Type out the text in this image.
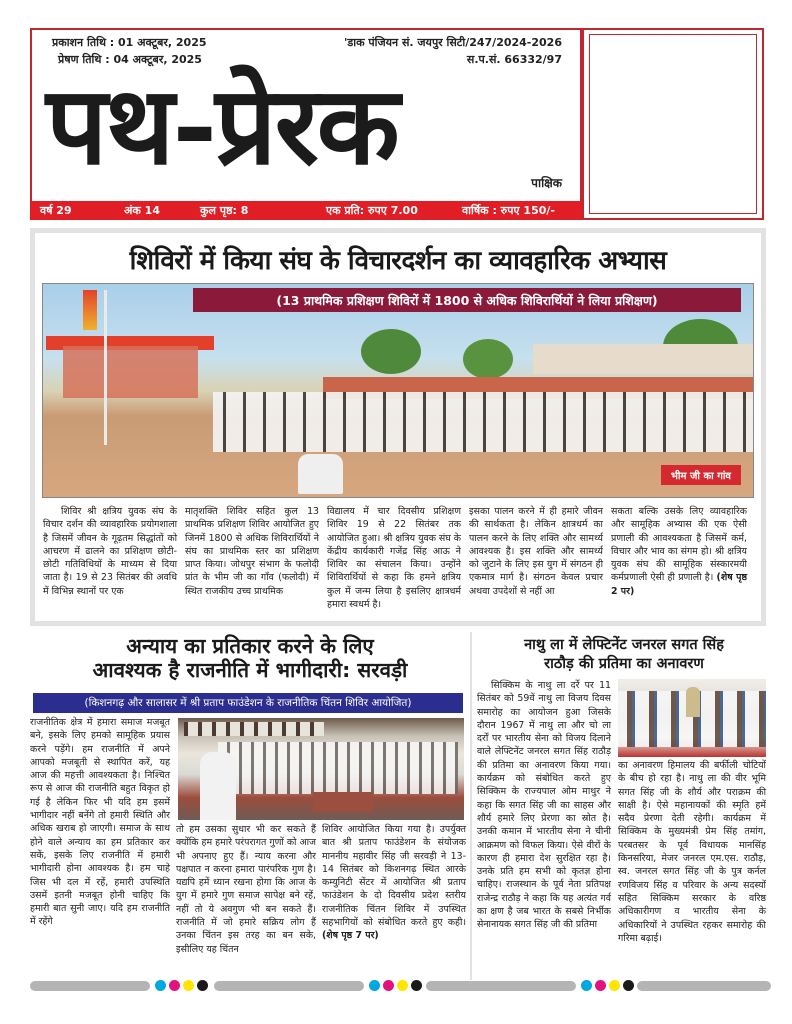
प्रकाशन तिथि : 01 अक्टूबर, 2025
प्रेषण तिथि : 04 अक्टूबर, 2025
'डाक पंजियन सं. जयपुर सिटी/247/2024-2026
स.प.सं. 66332/97
पथ-प्रेरक	पाक्षिक
वर्ष 29	अंक 14	कुल पृष्ठ: 8	एक प्रति: रुपए 7.00	वार्षिक : रुपए 150/-
शिविरों में किया संघ के विचारदर्शन का व्यावहारिक अभ्यास
(13 प्राथमिक प्रशिक्षण शिविरों में 1800 से अधिक शिविरार्थियों ने लिया प्रशिक्षण)
भीम जी का गांव
शिविर श्री क्षत्रिय युवक संघ के विचार दर्शन की व्यावहारिक प्रयोगशाला है जिसमें जीवन के गूढ़तम सिद्धांतों को आचरण में ढालने का प्रशिक्षण छोटी-छोटी गतिविधियों के माध्यम से दिया जाता है। 19 से 23 सितंबर की अवधि में विभिन्न स्थानों पर एक
मातृशक्ति शिविर सहित कुल 13 प्राथमिक प्रशिक्षण शिविर आयोजित हुए जिनमें 1800 से अधिक शिविरार्थियों ने संघ का प्राथमिक स्तर का प्रशिक्षण प्राप्त किया। जोधपुर संभाग के फलोदी प्रांत के भीम जी का गाँव (फलोदी) में स्थित राजकीय उच्च प्राथमिक
विद्यालय में चार दिवसीय प्रशिक्षण शिविर 19 से 22 सितंबर तक आयोजित हुआ। श्री क्षत्रिय युवक संघ के केंद्रीय कार्यकारी गजेंद्र सिंह आऊ ने शिविर का संचालन किया। उन्होंने शिविरार्थियों से कहा कि हमने क्षत्रिय कुल में जन्म लिया है इसलिए क्षात्रधर्म हमारा स्वधर्म है।
इसका पालन करने में ही हमारे जीवन की सार्थकता है। लेकिन क्षात्रधर्म का पालन करने के लिए शक्ति और सामर्थ्य आवश्यक है। इस शक्ति और सामर्थ्य को जुटाने के लिए इस युग में संगठन ही एकमात्र मार्ग है। संगठन केवल प्रचार अथवा उपदेशों से नहीं आ
सकता बल्कि उसके लिए व्यावहारिक और सामूहिक अभ्यास की एक ऐसी प्रणाली की आवश्यकता है जिसमें कर्म, विचार और भाव का संगम हो। श्री क्षत्रिय युवक संघ की सामूहिक संस्कारमयी कर्मप्रणाली ऐसी ही प्रणाली है। (शेष पृष्ठ 2 पर)
अन्याय का प्रतिकार करने के लिए
आवश्यक है राजनीति में भागीदारी: सरवड़ी
(किशनगढ़ और सालासर में श्री प्रताप फाउंडेशन के राजनीतिक चिंतन शिविर आयोजित)
राजनीतिक क्षेत्र में हमारा समाज मजबूत बने, इसके लिए हमको सामूहिक प्रयास करने पड़ेंगे। हम राजनीति में अपने आपको मजबूती से स्थापित करें, यह आज की महत्ती आवश्यकता है। निश्चित रूप से आज की राजनीति बहुत विकृत हो गई है लेकिन फिर भी यदि हम इसमें भागीदार नहीं बनेंगे तो हमारी स्थिति और अधिक खराब हो जाएगी। समाज के साथ होने वाले अन्याय का हम प्रतिकार कर सकें, इसके लिए राजनीति में हमारी भागीदारी होना आवश्यक है। हम चाहे जिस भी दल में रहें, हमारी उपस्थिति उसमें इतनी मजबूत होनी चाहिए कि हमारी बात सुनी जाए। यदि हम राजनीति में रहेंगे
तो हम उसका सुधार भी कर सकते हैं क्योंकि हम हमारे परंपरागत गुणों को आज भी अपनाए हुए हैं। न्याय करना और पक्षपात न करना हमारा पारंपरिक गुण है। यद्यपि हमें ध्यान रखना होगा कि आज के युग में हमारे गुण समाज सापेक्ष बने रहें, नहीं तो ये अवगुण भी बन सकते हैं। राजनीति में जो हमारे सक्रिय लोग हैं उनका चिंतन इस तरह का बन सके, इसीलिए यह चिंतन
शिविर आयोजित किया गया है। उपर्युक्त बात श्री प्रताप फाउंडेशन के संयोजक माननीय महावीर सिंह जी सरवड़ी ने 13-14 सितंबर को किशनगढ़ स्थित आरके कम्युनिटी सेंटर में आयोजित श्री प्रताप फाउंडेशन के दो दिवसीय प्रदेश स्तरीय राजनीतिक चिंतन शिविर में उपस्थित सहभागियों को संबोधित करते हुए कही। (शेष पृष्ठ 7 पर)
नाथु ला में लेफ्टिनेंट जनरल सगत सिंह
राठौड़ की प्रतिमा का अनावरण
सिक्किम के नाथु ला दर्रे पर 11 सितंबर को 59वें नाथु ला विजय दिवस समारोह का आयोजन हुआ जिसके दौरान 1967 में नाथु ला और चो ला दर्रों पर भारतीय सेना को विजय दिलाने वाले लेफ्टिनेंट जनरल सगत सिंह राठौड़ की प्रतिमा का अनावरण किया गया। कार्यक्रम को संबोधित करते हुए सिक्किम के राज्यपाल ओम माथुर ने कहा कि सगत सिंह जी का साहस और शौर्य हमारे लिए प्रेरणा का स्रोत है। उनकी कमान में भारतीय सेना ने चीनी आक्रमण को विफल किया। ऐसे वीरों के कारण ही हमारा देश सुरक्षित रहा है। उनके प्रति हम सभी को कृतज्ञ होना चाहिए। राजस्थान के पूर्व नेता प्रतिपक्ष राजेन्द्र राठौड़ ने कहा कि यह अत्यंत गर्व का क्षण है जब भारत के सबसे निर्भीक सेनानायक सगत सिंह जी की प्रतिमा
का अनावरण हिमालय की बर्फीली चोटियों के बीच हो रहा है। नाथु ला की वीर भूमि सगत सिंह जी के शौर्य और पराक्रम की साक्षी है। ऐसे महानायकों की स्मृति हमें सदैव प्रेरणा देती रहेगी। कार्यक्रम में सिक्किम के मुख्यमंत्री प्रेम सिंह तमांग, परबतसर के पूर्व विधायक मानसिंह किनसरिया, मेजर जनरल एम.एस. राठौड़, स्व. जनरल सगत सिंह जी के पुत्र कर्नल रणविजय सिंह व परिवार के अन्य सदस्यों सहित सिक्किम सरकार के वरिष्ठ अधिकारीगण व भारतीय सेना के अधिकारियों ने उपस्थित रहकर समारोह की गरिमा बढ़ाई।
